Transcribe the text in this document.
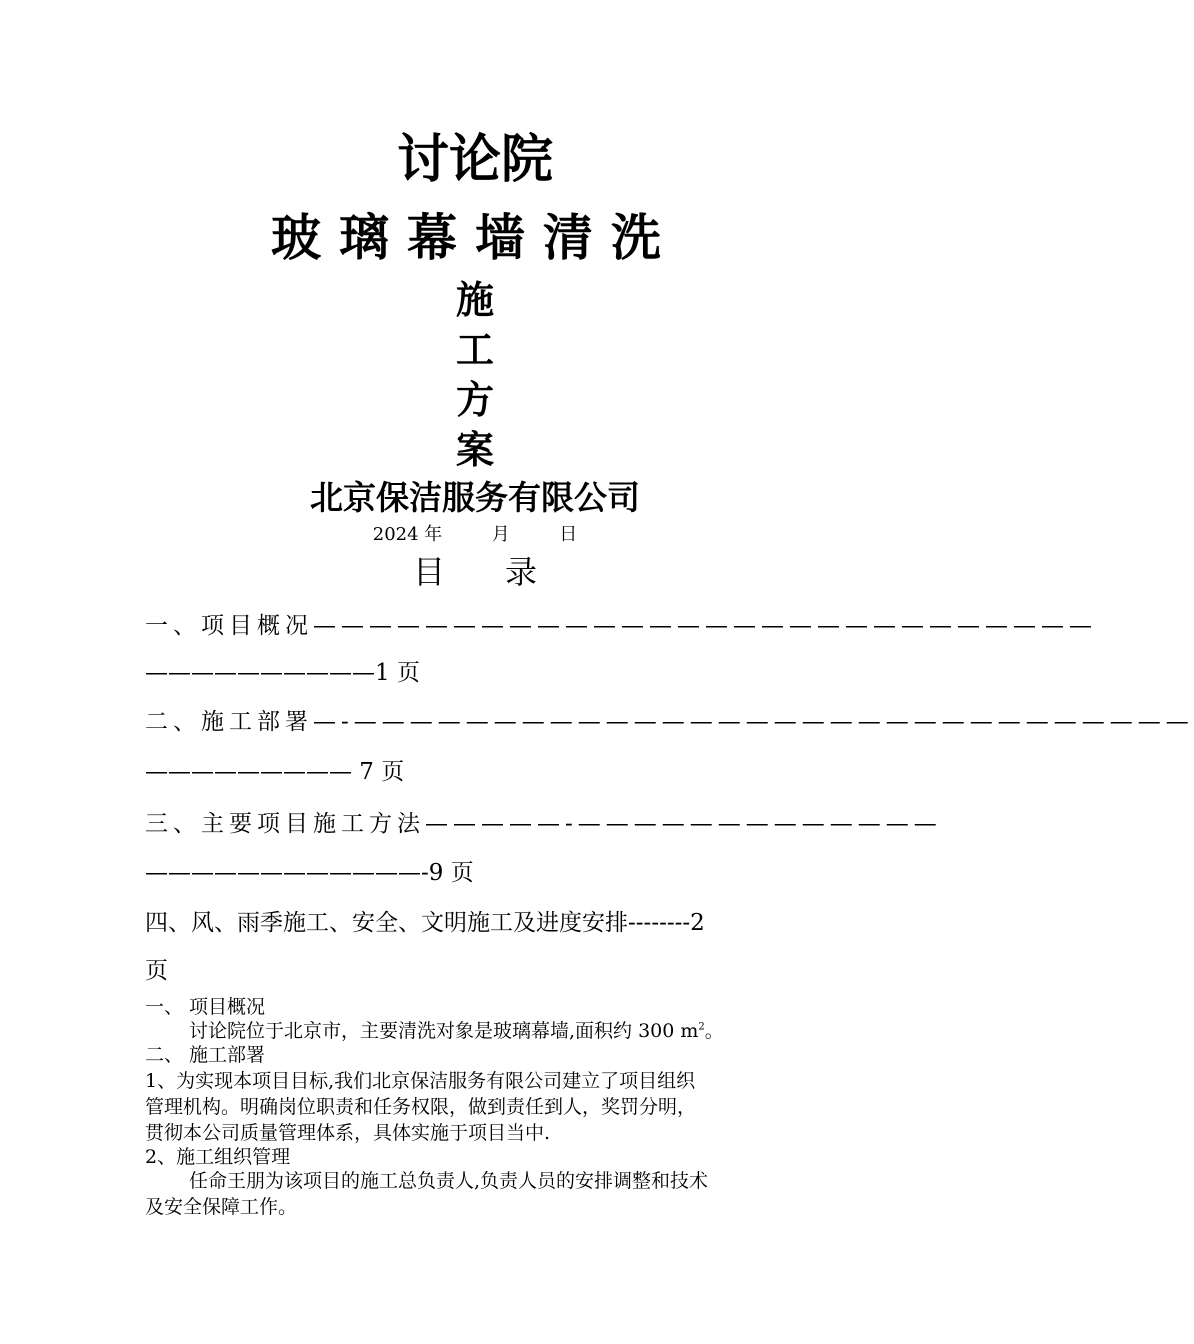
讨论院
玻璃幕墙清洗
施
工
方
案
北京保洁服务有限公司
2024 年	月	日
目录
一、项目概况————————————————————————————
——————————1 页
二、施工部署—-——————————————————————————————
————————— 7 页
三、主要项目施工方法—————-—————————————
————————————-9 页
四、风、雨季施工、安全、文明施工及进度安排--------2
页
一、 项目概况
讨论院位于北京市，主要清洗对象是玻璃幕墙,面积约 300 $m^2$。
二、 施工部署
1、为实现本项目目标,我们北京保洁服务有限公司建立了项目组织
管理机构。明确岗位职责和任务权限，做到责任到人，奖罚分明，
贯彻本公司质量管理体系，具体实施于项目当中.
2、施工组织管理
任命王朋为该项目的施工总负责人,负责人员的安排调整和技术
及安全保障工作。
